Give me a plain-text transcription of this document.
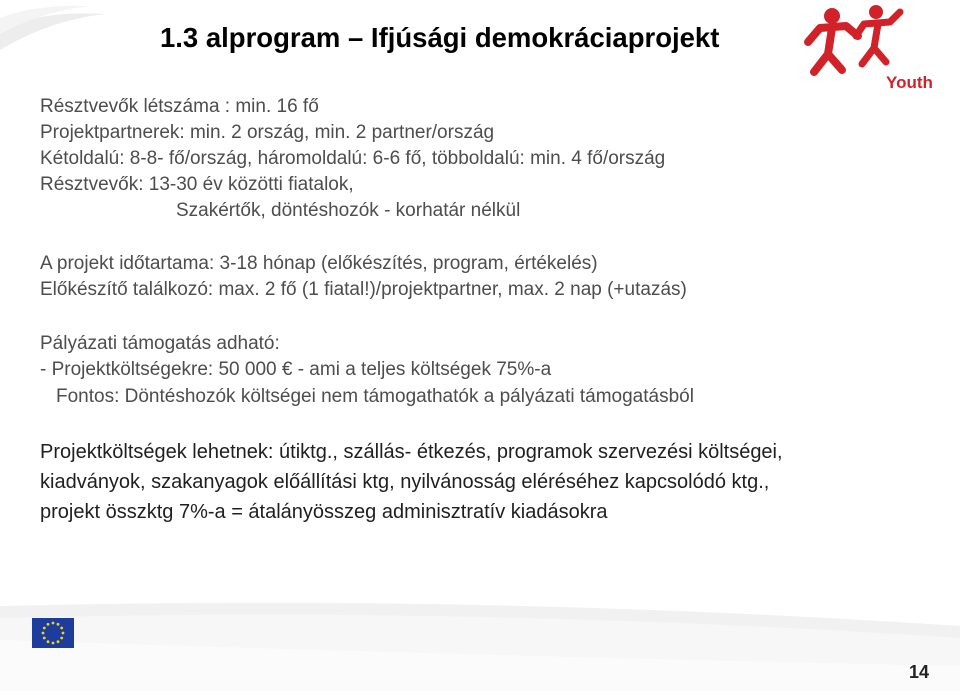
1.3 alprogram – Ifjúsági demokráciaprojekt
Youth
Résztvevők létszáma : min. 16 fő
Projektpartnerek: min. 2 ország, min. 2 partner/ország
Kétoldalú: 8-8- fő/ország, háromoldalú: 6-6 fő, többoldalú: min. 4 fő/ország
Résztvevők: 13-30 év közötti fiatalok,
Szakértők, döntéshozók - korhatár nélkül
A projekt időtartama: 3-18 hónap (előkészítés, program, értékelés)
Előkészítő találkozó: max. 2 fő (1 fiatal!)/projektpartner, max. 2 nap (+utazás)
Pályázati támogatás adható:
- Projektköltségekre: 50 000 € - ami a teljes költségek 75%-a
Fontos: Döntéshozók költségei nem támogathatók a pályázati támogatásból
Projektköltségek lehetnek: útiktg., szállás- étkezés, programok szervezési költségei,
kiadványok, szakanyagok előállítási ktg, nyilvánosság eléréséhez kapcsolódó ktg.,
projekt összktg 7%-a = átalányösszeg adminisztratív kiadásokra
14
